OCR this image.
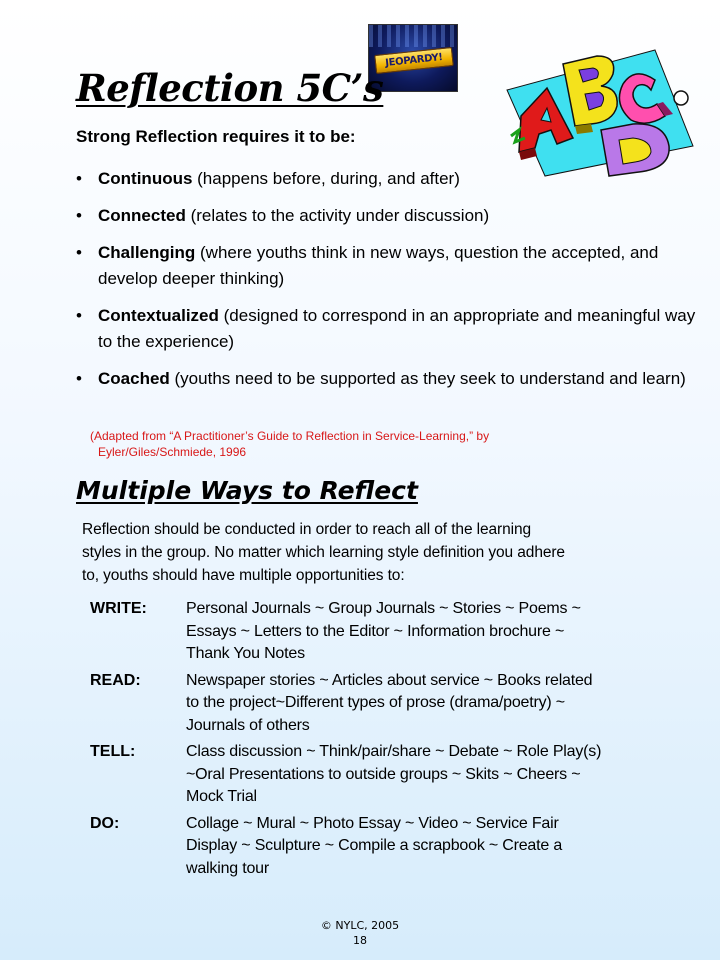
JEOPARDY!
Reflection 5C’s
Strong Reflection requires it to be:
• Continuous (happens before, during, and after)
• Connected (relates to the activity under discussion)
• Challenging (where youths think in new ways, question the accepted, and develop deeper thinking)
• Contextualized (designed to correspond in an appropriate and meaningful way to the experience)
• Coached (youths need to be supported as they seek to understand and learn)
(Adapted from “A Practitioner’s Guide to Reflection in Service-Learning,” by
Eyler/Giles/Schmiede, 1996
Multiple Ways to Reflect
Reflection should be conducted in order to reach all of the learning
styles in the group. No matter which learning style definition you adhere
to, youths should have multiple opportunities to:
WRITE:	Personal Journals ~ Group Journals ~ Stories ~ Poems ~
Essays ~ Letters to the Editor ~ Information brochure ~
Thank You Notes
READ:	Newspaper stories ~ Articles about service ~ Books related
to the project~Different types of prose (drama/poetry) ~
Journals of others
TELL:	Class discussion ~ Think/pair/share ~ Debate ~ Role Play(s)
~Oral Presentations to outside groups ~ Skits ~ Cheers ~
Mock Trial
DO:	Collage ~ Mural ~ Photo Essay ~ Video ~ Service Fair
Display ~ Sculpture ~ Compile a scrapbook ~ Create a
walking tour
© NYLC, 2005
18
